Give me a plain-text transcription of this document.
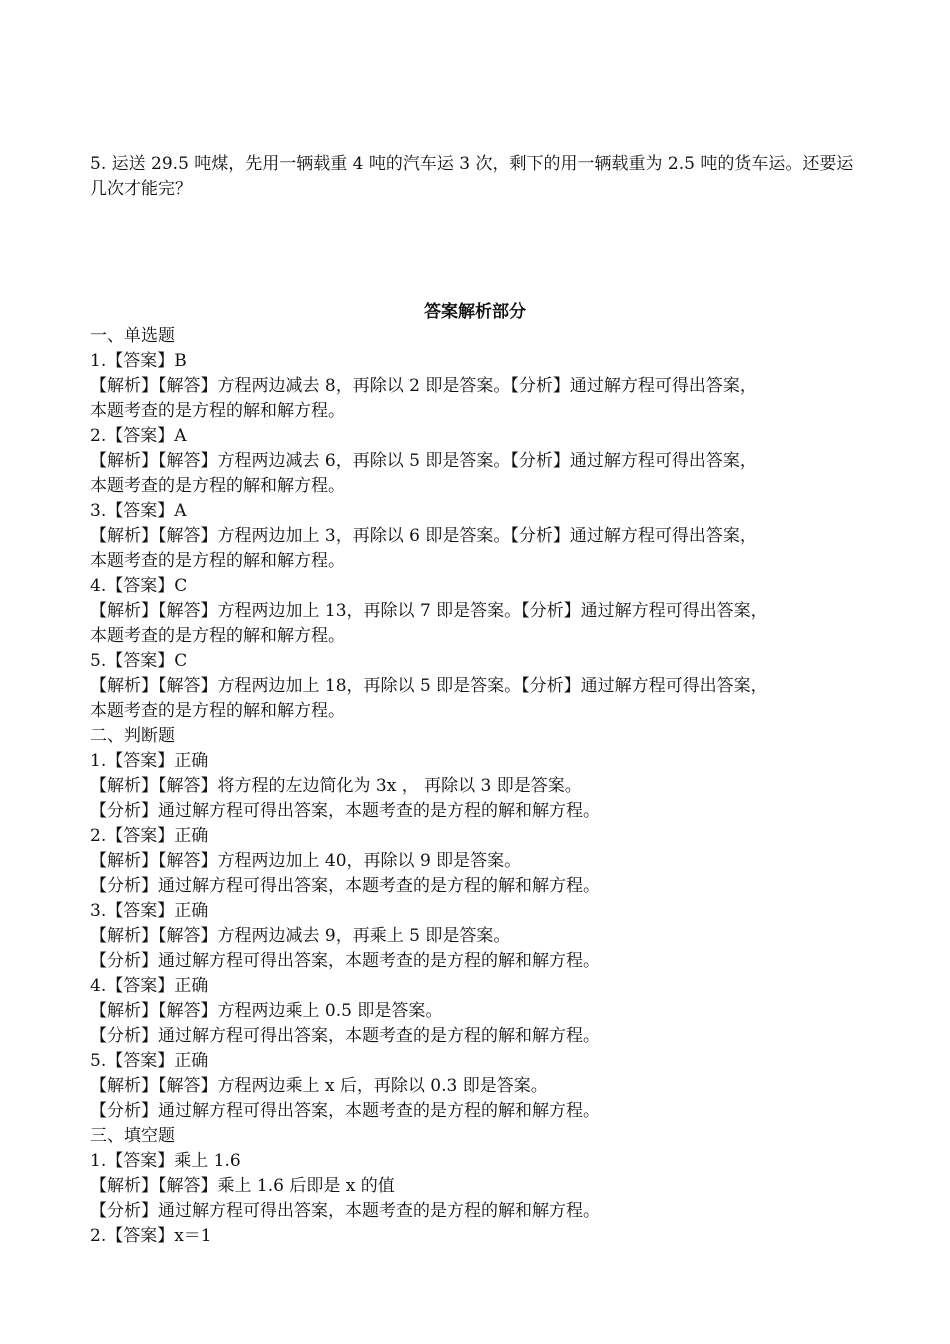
5. 运送 29.5 吨煤，先用一辆载重 4 吨的汽车运 3 次，剩下的用一辆载重为 2.5 吨的货车运。还要运几次才能完？
答案解析部分
一、单选题
1.【答案】B
【解析】【解答】方程两边减去 8，再除以 2 即是答案。【分析】通过解方程可得出答案，
本题考查的是方程的解和解方程。
2.【答案】A
【解析】【解答】方程两边减去 6，再除以 5 即是答案。【分析】通过解方程可得出答案，
本题考查的是方程的解和解方程。
3.【答案】A
【解析】【解答】方程两边加上 3，再除以 6 即是答案。【分析】通过解方程可得出答案，
本题考查的是方程的解和解方程。
4.【答案】C
【解析】【解答】方程两边加上 13，再除以 7 即是答案。【分析】通过解方程可得出答案，
本题考查的是方程的解和解方程。
5.【答案】C
【解析】【解答】方程两边加上 18，再除以 5 即是答案。【分析】通过解方程可得出答案，
本题考查的是方程的解和解方程。
二、判断题
1.【答案】正确
【解析】【解答】将方程的左边简化为 3x ， 再除以 3 即是答案。
【分析】通过解方程可得出答案，本题考查的是方程的解和解方程。
2.【答案】正确
【解析】【解答】方程两边加上 40，再除以 9 即是答案。
【分析】通过解方程可得出答案，本题考查的是方程的解和解方程。
3.【答案】正确
【解析】【解答】方程两边减去 9，再乘上 5 即是答案。
【分析】通过解方程可得出答案，本题考查的是方程的解和解方程。
4.【答案】正确
【解析】【解答】方程两边乘上 0.5 即是答案。
【分析】通过解方程可得出答案，本题考查的是方程的解和解方程。
5.【答案】正确
【解析】【解答】方程两边乘上 x 后，再除以 0.3 即是答案。
【分析】通过解方程可得出答案，本题考查的是方程的解和解方程。
三、填空题
1.【答案】乘上 1.6
【解析】【解答】乘上 1.6 后即是 x 的值
【分析】通过解方程可得出答案，本题考查的是方程的解和解方程。
2.【答案】x＝1
